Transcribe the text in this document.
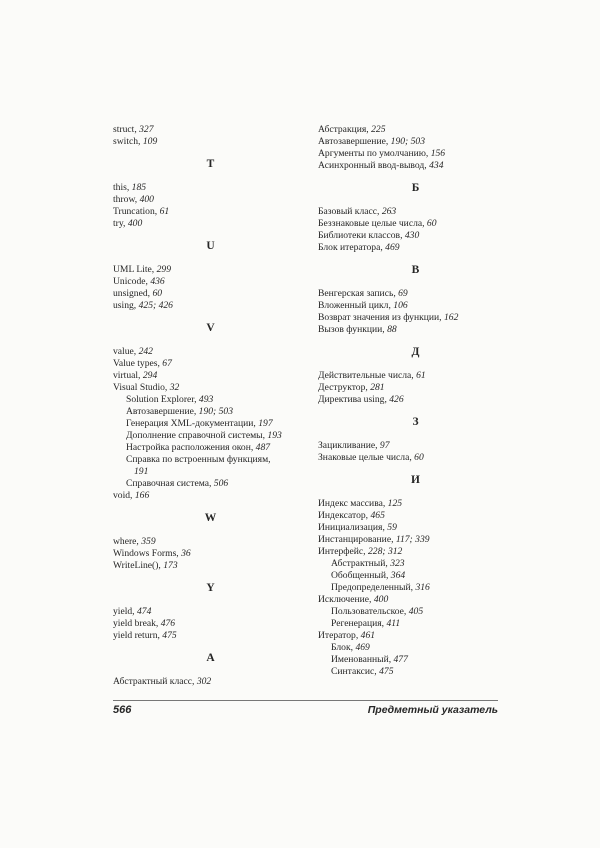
struct, 327
switch, 109
T
this, 185
throw, 400
Truncation, 61
try, 400
U
UML Lite, 299
Unicode, 436
unsigned, 60
using, 425; 426
V
value, 242
Value types, 67
virtual, 294
Visual Studio, 32
Solution Explorer, 493
Автозавершение, 190; 503
Генерация XML-документации, 197
Дополнение справочной системы, 193
Настройка расположения окон, 487
Справка по встроенным функциям,
191
Справочная система, 506
void, 166
W
where, 359
Windows Forms, 36
WriteLine(), 173
Y
yield, 474
yield break, 476
yield return, 475
А
Абстрактный класс, 302
Абстракция, 225
Автозавершение, 190; 503
Аргументы по умолчанию, 156
Асинхронный ввод-вывод, 434
Б
Базовый класс, 263
Беззнаковые целые числа, 60
Библиотеки классов, 430
Блок итератора, 469
В
Венгерская запись, 69
Вложенный цикл, 106
Возврат значения из функции, 162
Вызов функции, 88
Д
Действительные числа, 61
Деструктор, 281
Директива using, 426
З
Зацикливание, 97
Знаковые целые числа, 60
И
Индекс массива, 125
Индексатор, 465
Инициализация, 59
Инстанцирование, 117; 339
Интерфейс, 228; 312
Абстрактный, 323
Обобщенный, 364
Предопределенный, 316
Исключение, 400
Пользовательское, 405
Регенерация, 411
Итератор, 461
Блок, 469
Именованный, 477
Синтаксис, 475
566	Предметный указатель
